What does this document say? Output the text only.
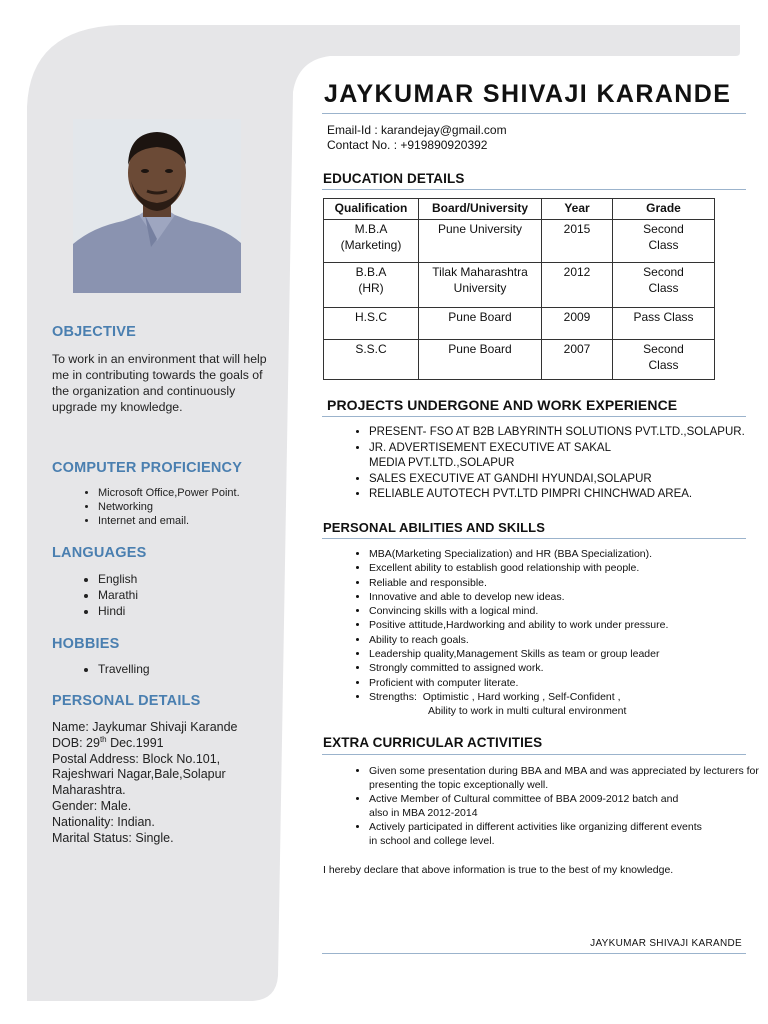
OBJECTIVE
To work in an environment that will help me in contributing towards the goals of the organization and continuously upgrade my knowledge.
COMPUTER PROFICIENCY
• Microsoft Office,Power Point.
• Networking
• Internet and email.
LANGUAGES
• English
• Marathi
• Hindi
HOBBIES
• Travelling
PERSONAL DETAILS
Name: Jaykumar Shivaji Karande
DOB: 29th Dec.1991
Postal Address: Block No.101,
Rajeshwari Nagar,Bale,Solapur
Maharashtra.
Gender: Male.
Nationality: Indian.
Marital Status: Single.
JAYKUMAR SHIVAJI KARANDE
Email-Id : karandejay@gmail.com
Contact No. : +919890920392
EDUCATION DETAILS
Qualification	Board/University	Year	Grade
M.B.A
(Marketing)	Pune University	2015	Second
Class
B.B.A
(HR)	Tilak Maharashtra
University	2012	Second
Class
H.S.C	Pune Board	2009	Pass Class
S.S.C	Pune Board	2007	Second
Class
PROJECTS UNDERGONE AND WORK EXPERIENCE
• PRESENT- FSO AT B2B LABYRINTH SOLUTIONS PVT.LTD.,SOLAPUR.
• JR. ADVERTISEMENT EXECUTIVE AT SAKAL MEDIA PVT.LTD.,SOLAPUR
• SALES EXECUTIVE AT GANDHI HYUNDAI,SOLAPUR
• RELIABLE AUTOTECH PVT.LTD PIMPRI CHINCHWAD AREA.
PERSONAL ABILITIES AND SKILLS
• MBA(Marketing Specialization) and HR (BBA Specialization).
• Excellent ability to establish good relationship with people.
• Reliable and responsible.
• Innovative and able to develop new ideas.
• Convincing skills with a logical mind.
• Positive attitude,Hardworking and ability to work under pressure.
• Ability to reach goals.
• Leadership quality,Management Skills as team or group leader
• Strongly committed to assigned work.
• Proficient with computer literate.
• Strengths:  Optimistic , Hard working , Self-Confident ,
Ability to work in multi cultural environment
EXTRA CURRICULAR ACTIVITIES
• Given some presentation during BBA and MBA and was appreciated by lecturers for presenting the topic exceptionally well.
• Active Member of Cultural committee of BBA 2009-2012 batch and also in MBA 2012-2014
• Actively participated in different activities like organizing different events in school and college level.
I hereby declare that above information is true to the best of my knowledge.
JAYKUMAR SHIVAJI KARANDE
